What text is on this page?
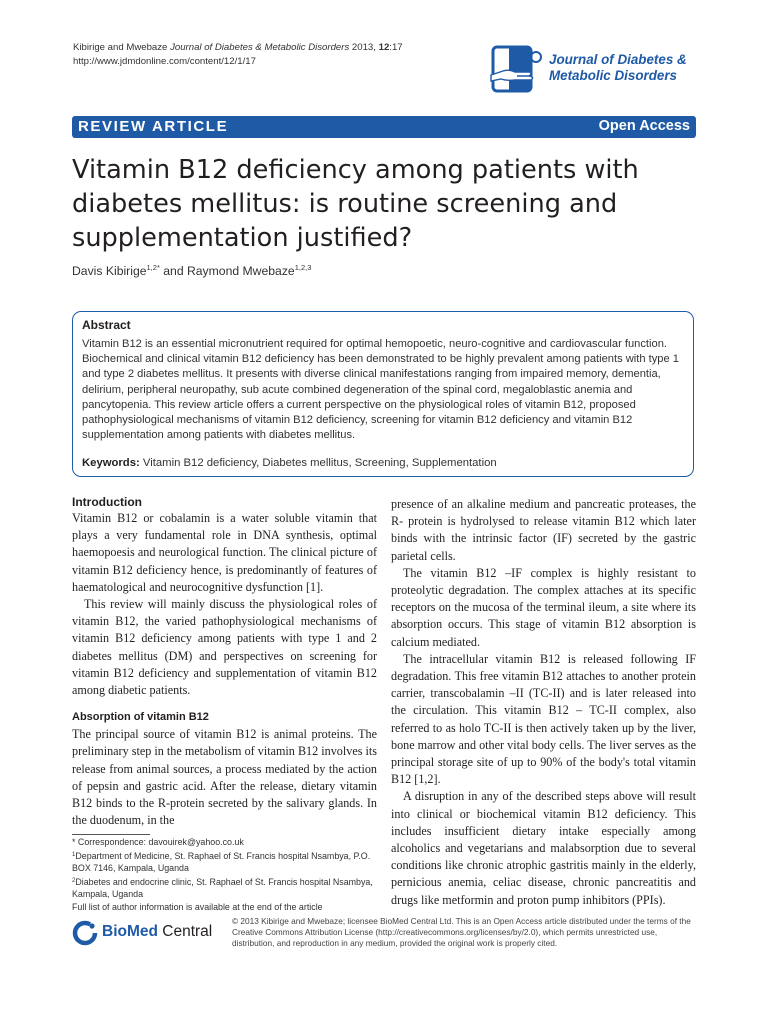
Kibirige and Mwebaze Journal of Diabetes & Metabolic Disorders 2013, 12:17
http://www.jdmdonline.com/content/12/1/17	Journal of Diabetes &
Metabolic Disorders
REVIEW ARTICLE	Open Access
Vitamin B12 deficiency among patients with diabetes mellitus: is routine screening and supplementation justified?
Davis Kibirige$^{1,2*}$ and Raymond Mwebaze$^{1,2,3}$
Abstract
Vitamin B12 is an essential micronutrient required for optimal hemopoetic, neuro-cognitive and cardiovascular function. Biochemical and clinical vitamin B12 deficiency has been demonstrated to be highly prevalent among patients with type 1 and type 2 diabetes mellitus. It presents with diverse clinical manifestations ranging from impaired memory, dementia, delirium, peripheral neuropathy, sub acute combined degeneration of the spinal cord, megaloblastic anemia and pancytopenia. This review article offers a current perspective on the physiological roles of vitamin B12, proposed pathophysiological mechanisms of vitamin B12 deficiency, screening for vitamin B12 deficiency and vitamin B12 supplementation among patients with diabetes mellitus.
Keywords: Vitamin B12 deficiency, Diabetes mellitus, Screening, Supplementation
Introduction

Vitamin B12 or cobalamin is a water soluble vitamin that plays a very fundamental role in DNA synthesis, optimal haemopoesis and neurological function. The clinical picture of vitamin B12 deficiency hence, is predominantly of features of haematological and neurocognitive dysfunction [1].

This review will mainly discuss the physiological roles of vitamin B12, the varied pathophysiological mechanisms of vitamin B12 deficiency among patients with type 1 and 2 diabetes mellitus (DM) and perspectives on screening for vitamin B12 deficiency and supplementation of vitamin B12 among diabetic patients.

Absorption of vitamin B12

The principal source of vitamin B12 is animal proteins. The preliminary step in the metabolism of vitamin B12 involves its release from animal sources, a process mediated by the action of pepsin and gastric acid. After the release, dietary vitamin B12 binds to the R-protein secreted by the salivary glands. In the duodenum, in the

presence of an alkaline medium and pancreatic proteases, the R- protein is hydrolysed to release vitamin B12 which later binds with the intrinsic factor (IF) secreted by the gastric parietal cells.

The vitamin B12 –IF complex is highly resistant to proteolytic degradation. The complex attaches at its specific receptors on the mucosa of the terminal ileum, a site where its absorption occurs. This stage of vitamin B12 absorption is calcium mediated.

The intracellular vitamin B12 is released following IF degradation. This free vitamin B12 attaches to another protein carrier, transcobalamin –II (TC-II) and is later released into the circulation. This vitamin B12 – TC-II complex, also referred to as holo TC-II is then actively taken up by the liver, bone marrow and other vital body cells. The liver serves as the principal storage site of up to 90% of the body's total vitamin B12 [1,2].

A disruption in any of the described steps above will result into clinical or biochemical vitamin B12 deficiency. This includes insufficient dietary intake especially among alcoholics and vegetarians and malabsorption due to several conditions like chronic atrophic gastritis mainly in the elderly, pernicious anemia, celiac disease, chronic pancreatitis and drugs like metformin and proton pump inhibitors (PPIs).

* Correspondence: davouirek@yahoo.co.uk
$^1$Department of Medicine, St. Raphael of St. Francis hospital Nsambya, P.O. BOX 7146, Kampala, Uganda
$^2$Diabetes and endocrine clinic, St. Raphael of St. Francis hospital Nsambya, Kampala, Uganda
Full list of author information is available at the end of the article
BioMed Central
© 2013 Kibirige and Mwebaze; licensee BioMed Central Ltd. This is an Open Access article distributed under the terms of the Creative Commons Attribution License (http://creativecommons.org/licenses/by/2.0), which permits unrestricted use, distribution, and reproduction in any medium, provided the original work is properly cited.
